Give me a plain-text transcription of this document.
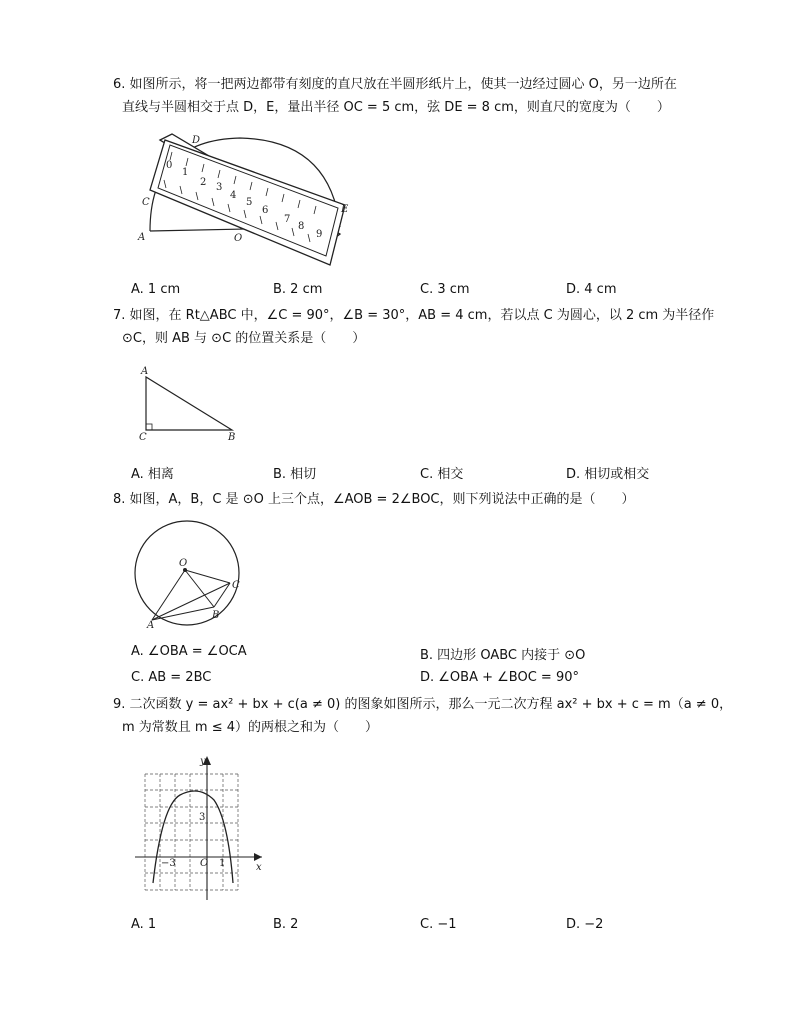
6. 如图所示，将一把两边都带有刻度的直尺放在半圆形纸片上，使其一边经过圆心 O，另一边所在
直线与半圆相交于点 D，E，量出半径 OC = 5 cm，弦 DE = 8 cm，则直尺的宽度为（　　）
0
1
2 3
4
5
6
7
8
9
D
C
A	O
E
A. 1 cm	B. 2 cm	C. 3 cm	D. 4 cm
7. 如图，在 Rt△ABC 中，∠C = 90°，∠B = 30°，AB = 4 cm，若以点 C 为圆心，以 2 cm 为半径作
⊙C，则 AB 与 ⊙C 的位置关系是（　　）
A
C	B
A. 相离	B. 相切	C. 相交	D. 相切或相交
8. 如图，A，B，C 是 ⊙O 上三个点，∠AOB = 2∠BOC，则下列说法中正确的是（　　）
O
C
B
A
A. ∠OBA = ∠OCA	B. 四边形 OABC 内接于 ⊙O
C. AB = 2BC	D. ∠OBA + ∠BOC = 90°
9. 二次函数 y = ax² + bx + c(a ≠ 0) 的图象如图所示，那么一元二次方程 ax² + bx + c = m（a ≠ 0，
m 为常数且 m ≤ 4）的两根之和为（　　）
y
x
O
3
−3	1
A. 1	B. 2	C. −1	D. −2
